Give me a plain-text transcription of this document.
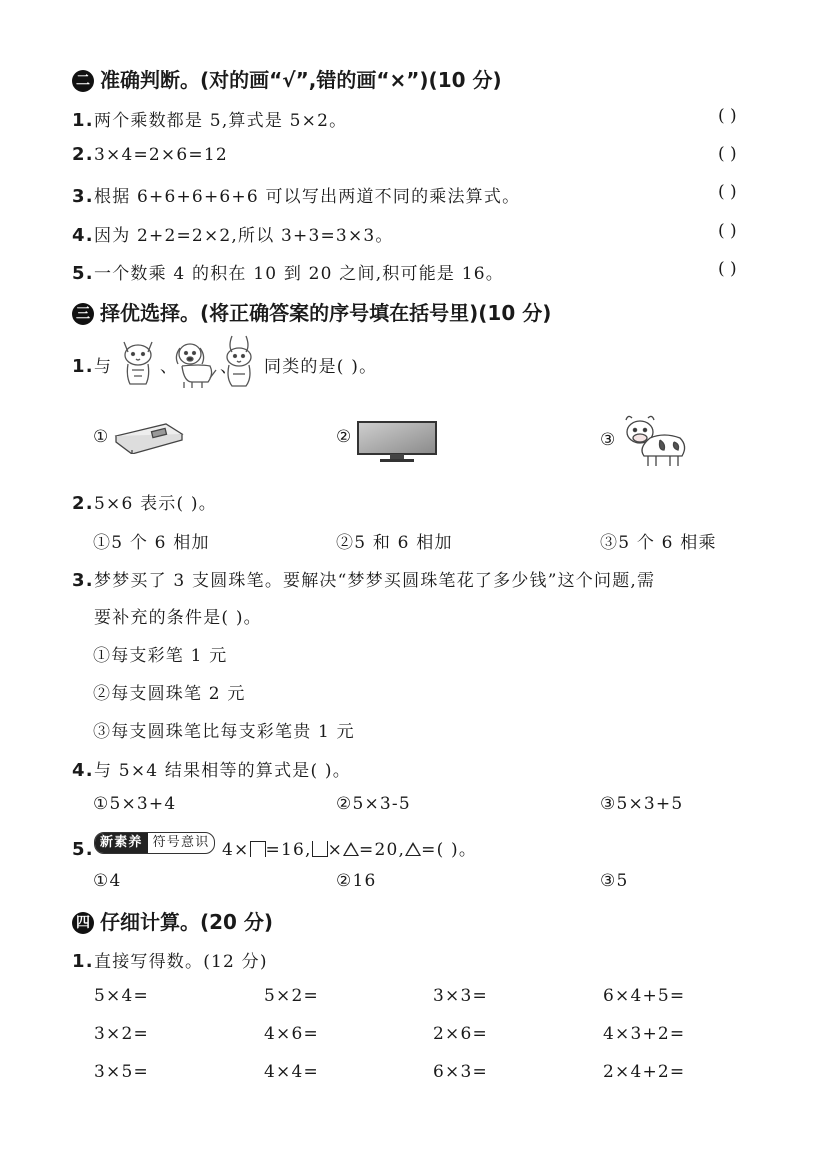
二 准确判断。(对的画“√”,错的画“×”)(10 分)
1.两个乘数都是 5,算式是 5×2。	( )
2.3×4=2×6=12	( )
3.根据 6+6+6+6+6 可以写出两道不同的乘法算式。	( )
4.因为 2+2=2×2,所以 3+3=3×3。	( )
5.一个数乘 4 的积在 10 到 20 之间,积可能是 16。	( )
三 择优选择。(将正确答案的序号填在括号里)(10 分)
1.与	、 、 同类的是( )。
①	②	③
2.5×6 表示( )。
①5 个 6 相加	②5 和 6 相加	③5 个 6 相乘
3.梦梦买了 3 支圆珠笔。要解决“梦梦买圆珠笔花了多少钱”这个问题,需
要补充的条件是( )。
①每支彩笔 1 元
②每支圆珠笔 2 元
③每支圆珠笔比每支彩笔贵 1 元
4.与 5×4 结果相等的算式是( )。
①5×3+4	②5×3-5	③5×3+5
5. 新素养 符号意识 4× =16, × =20, =( )。
①4	②16	③5
四 仔细计算。(20 分)
1.直接写得数。(12 分)
5×4=	5×2=	3×3=	6×4+5=
3×2=	4×6=	2×6=	4×3+2=
3×5=	4×4=	6×3=	2×4+2=
